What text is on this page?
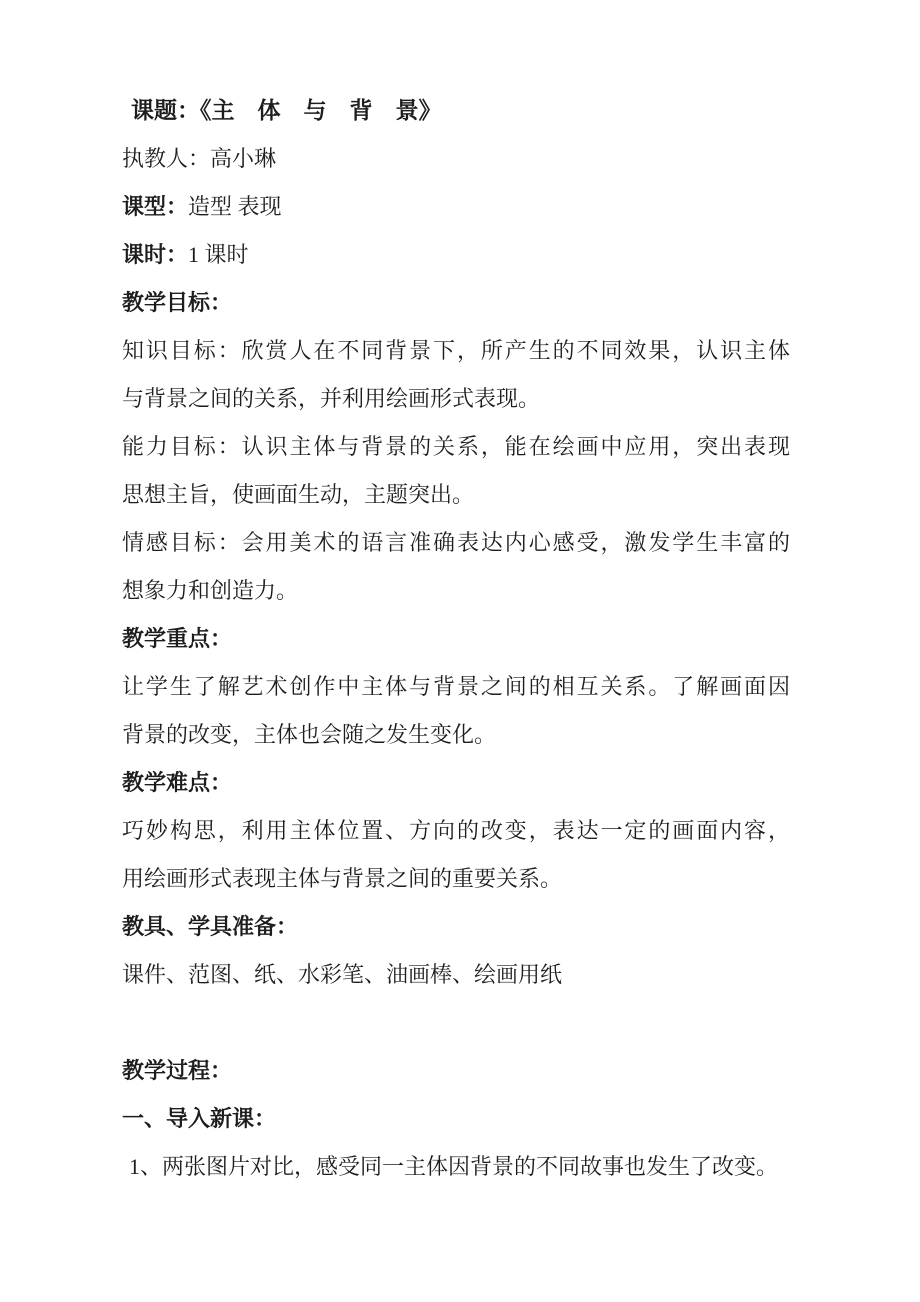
课题：《主　体　与　背　景》
执教人：高小琳
课型：造型 表现
课时：1 课时
教学目标：
知识目标：欣赏人在不同背景下，所产生的不同效果，认识主体
与背景之间的关系，并利用绘画形式表现。
能力目标：认识主体与背景的关系，能在绘画中应用，突出表现
思想主旨，使画面生动，主题突出。
情感目标：会用美术的语言准确表达内心感受，激发学生丰富的
想象力和创造力。
教学重点：
让学生了解艺术创作中主体与背景之间的相互关系。了解画面因
背景的改变，主体也会随之发生变化。
教学难点：
巧妙构思，利用主体位置、方向的改变，表达一定的画面内容，
用绘画形式表现主体与背景之间的重要关系。
教具、学具准备：
课件、范图、纸、水彩笔、油画棒、绘画用纸
教学过程：
一、导入新课：
1、两张图片对比，感受同一主体因背景的不同故事也发生了改变。
